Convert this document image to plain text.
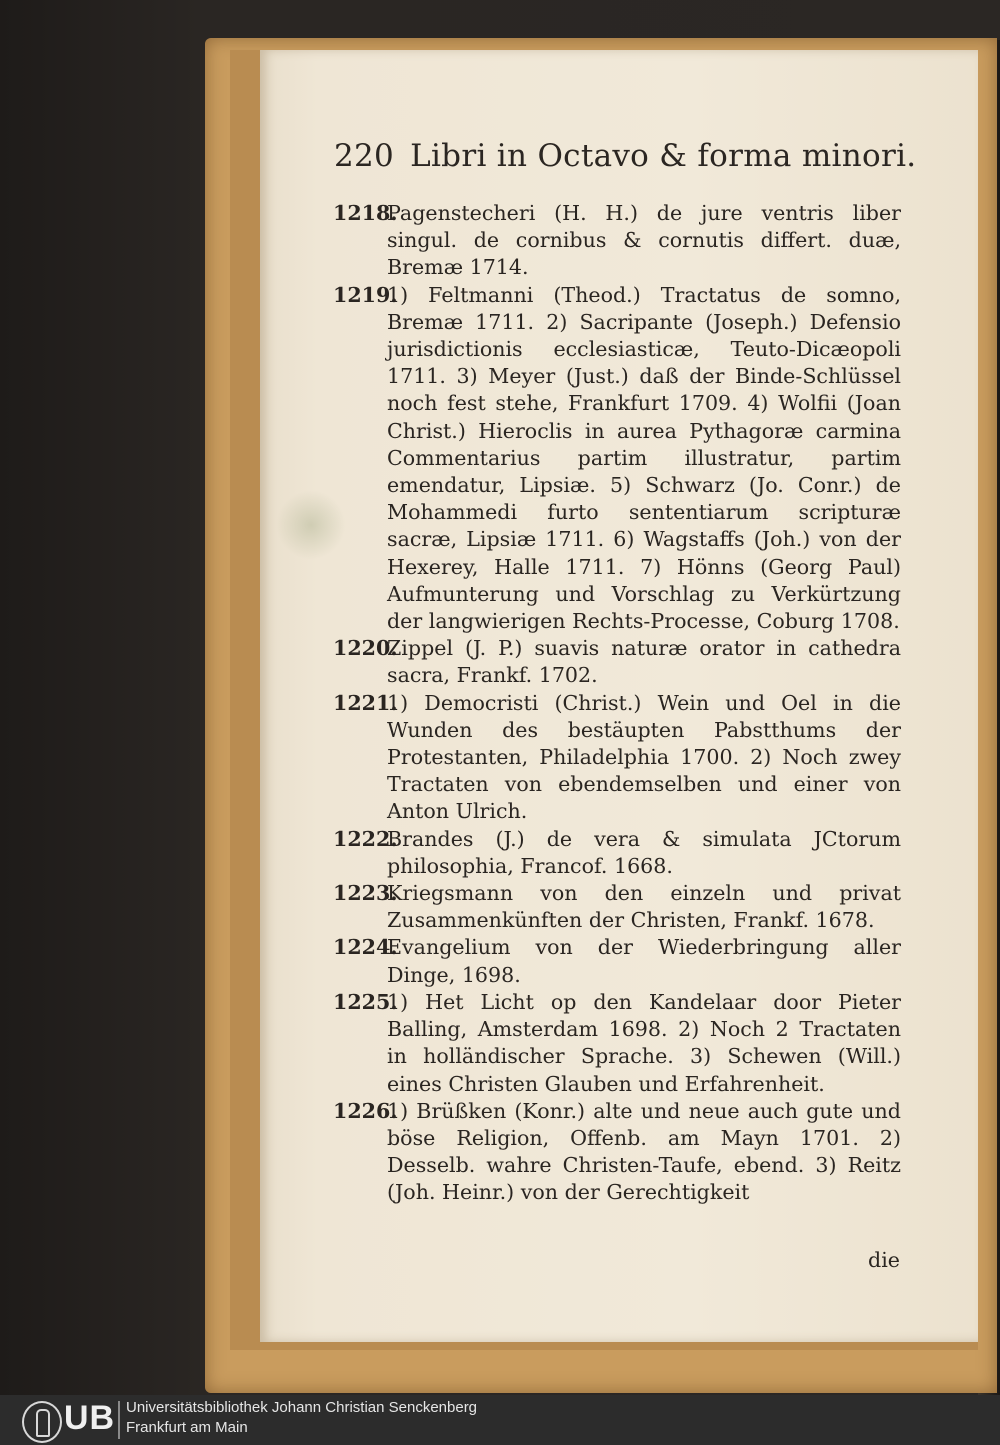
220 Libri in Octavo & forma minori.

1218.Pagenstecheri (H. H.) de jure ventris liber singul. de cornibus & cornutis differt. duæ, Bremæ 1714.

1219.1) Feltmanni (Theod.) Tractatus de somno, Bremæ 1711. 2) Sacripante (Joseph.) Defensio jurisdictionis ecclesiasticæ, Teuto-Dicæopoli 1711. 3) Meyer (Just.) daß der Binde-Schlüssel noch fest stehe, Frankfurt 1709. 4) Wolfii (Joan Christ.) Hieroclis in aurea Pythagoræ carmina Commentarius partim illustratur, partim emendatur, Lipsiæ. 5) Schwarz (Jo. Conr.) de Mohammedi furto sententiarum scripturæ sacræ, Lipsiæ 1711. 6) Wagstaffs (Joh.) von der Hexerey, Halle 1711. 7) Hönns (Georg Paul) Aufmunterung und Vorschlag zu Verkürtzung der langwierigen Rechts-Processe, Coburg 1708.

1220.Zippel (J. P.) suavis naturæ orator in cathedra sacra, Frankf. 1702.

1221.1) Democristi (Christ.) Wein und Oel in die Wunden des bestäupten Pabstthums der Protestanten, Philadelphia 1700. 2) Noch zwey Tractaten von ebendemselben und einer von Anton Ulrich.

1222.Brandes (J.) de vera & simulata JCtorum philosophia, Francof. 1668.

1223.Kriegsmann von den einzeln und privat Zusammenkünften der Christen, Frankf. 1678.

1224.Evangelium von der Wiederbringung aller Dinge, 1698.

1225.1) Het Licht op den Kandelaar door Pieter Balling, Amsterdam 1698. 2) Noch 2 Tractaten in holländischer Sprache. 3) Schewen (Will.) eines Christen Glauben und Erfahrenheit.

1226.1) Brüßken (Konr.) alte und neue auch gute und böse Religion, Offenb. am Mayn 1701. 2) Desselb. wahre Christen-Taufe, ebend. 3) Reitz (Joh. Heinr.) von der Gerechtigkeit

die
UB Universitätsbibliothek Johann Christian Senckenberg
Frankfurt am Main
